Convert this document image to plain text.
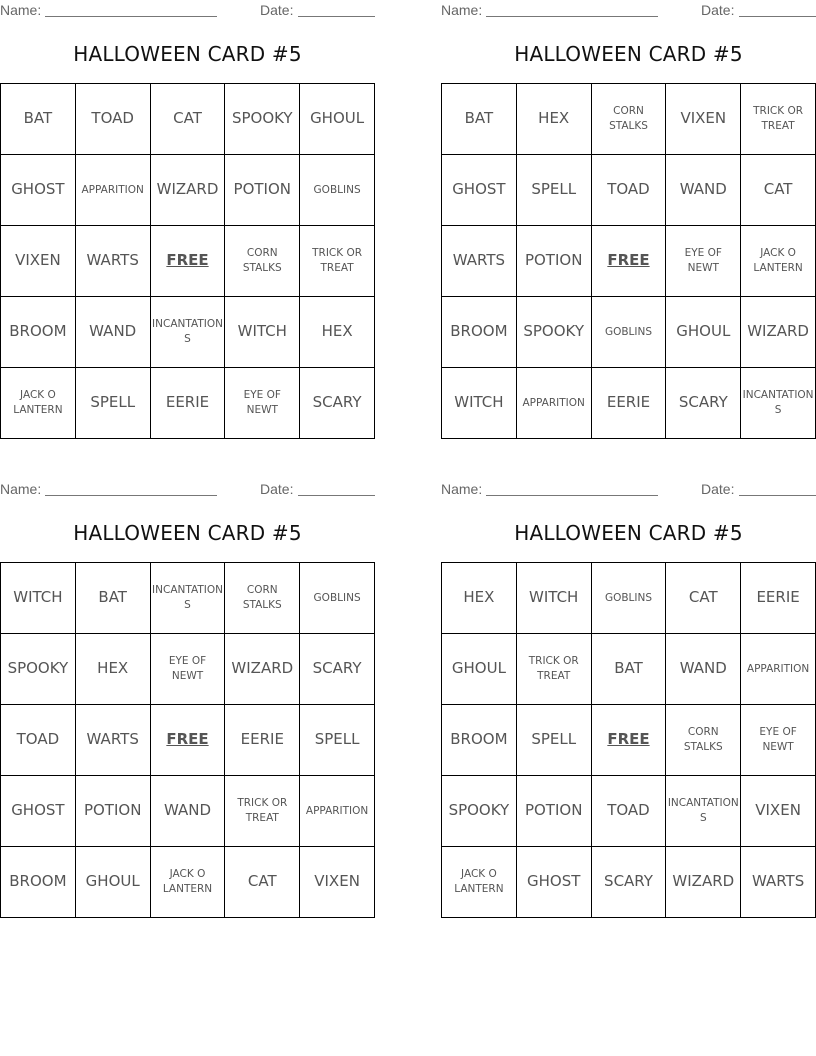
Name:	Date:
HALLOWEEN CARD #5
BAT	TOAD	CAT	SPOOKY	GHOUL
GHOST	APPARITION	WIZARD	POTION	GOBLINS
VIXEN	WARTS	FREE	CORN STALKS	TRICK OR TREAT
BROOM	WAND	INCANTATIONS	WITCH	HEX
JACK O LANTERN	SPELL	EERIE	EYE OF NEWT	SCARY
Name:	Date:
HALLOWEEN CARD #5
BAT	HEX	CORN STALKS	VIXEN	TRICK OR TREAT
GHOST	SPELL	TOAD	WAND	CAT
WARTS	POTION	FREE	EYE OF NEWT	JACK O LANTERN
BROOM	SPOOKY	GOBLINS	GHOUL	WIZARD
WITCH	APPARITION	EERIE	SCARY	INCANTATIONS
Name:	Date:
HALLOWEEN CARD #5
WITCH	BAT	INCANTATIONS	CORN STALKS	GOBLINS
SPOOKY	HEX	EYE OF NEWT	WIZARD	SCARY
TOAD	WARTS	FREE	EERIE	SPELL
GHOST	POTION	WAND	TRICK OR TREAT	APPARITION
BROOM	GHOUL	JACK O LANTERN	CAT	VIXEN
Name:	Date:
HALLOWEEN CARD #5
HEX	WITCH	GOBLINS	CAT	EERIE
GHOUL	TRICK OR TREAT	BAT	WAND	APPARITION
BROOM	SPELL	FREE	CORN STALKS	EYE OF NEWT
SPOOKY	POTION	TOAD	INCANTATIONS	VIXEN
JACK O LANTERN	GHOST	SCARY	WIZARD	WARTS
